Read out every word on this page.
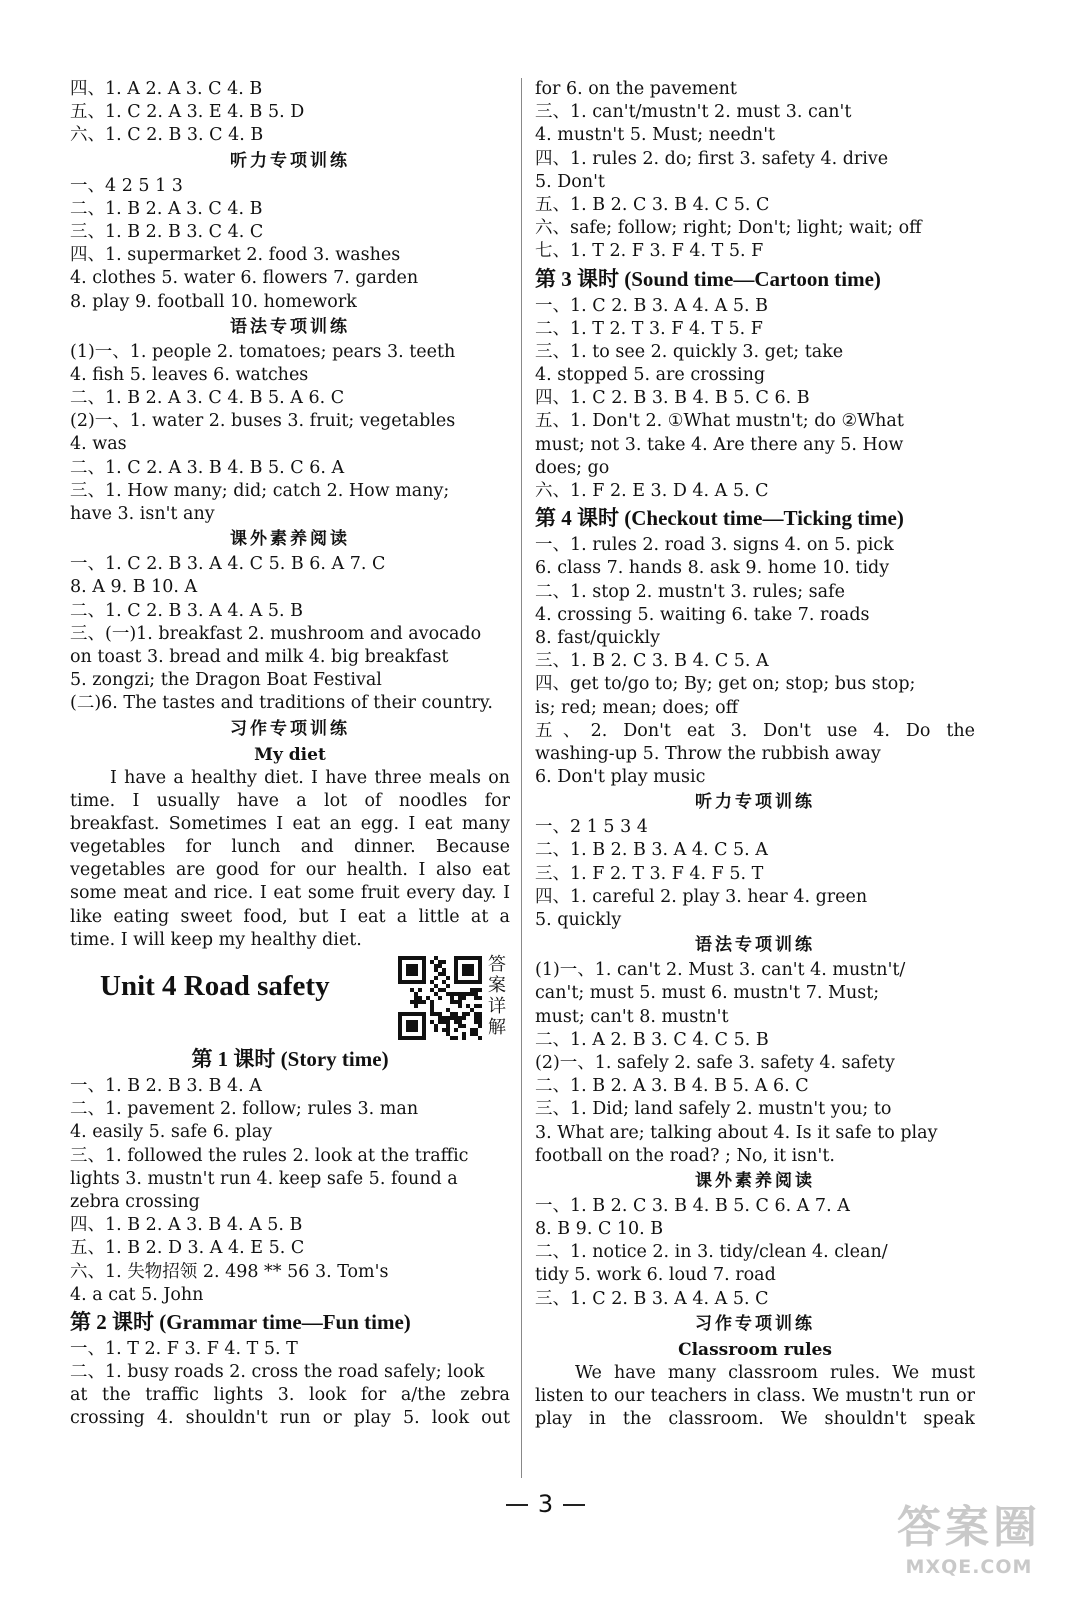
四、1. A 2. A 3. C 4. B
五、1. C 2. A 3. E 4. B 5. D
六、1. C 2. B 3. C 4. B
听力专项训练
一、4 2 5 1 3
二、1. B 2. A 3. C 4. B
三、1. B 2. B 3. C 4. C
四、1. supermarket 2. food 3. washes
4. clothes 5. water 6. flowers 7. garden
8. play 9. football 10. homework
语法专项训练
(1)一、1. people 2. tomatoes; pears 3. teeth
4. fish 5. leaves 6. watches
二、1. B 2. A 3. C 4. B 5. A 6. C
(2)一、1. water 2. buses 3. fruit; vegetables
4. was
二、1. C 2. A 3. B 4. B 5. C 6. A
三、1. How many; did; catch 2. How many;
have 3. isn't any
课外素养阅读
一、1. C 2. B 3. A 4. C 5. B 6. A 7. C
8. A 9. B 10. A
二、1. C 2. B 3. A 4. A 5. B
三、(一)1. breakfast 2. mushroom and avocado
on toast 3. bread and milk 4. big breakfast
5. zongzi; the Dragon Boat Festival
(二)6. The tastes and traditions of their country.
习作专项训练
My diet
I have a healthy diet. I have three meals on
time. I usually have a lot of noodles for
breakfast. Sometimes I eat an egg. I eat many
vegetables for lunch and dinner. Because
vegetables are good for our health. I also eat
some meat and rice. I eat some fruit every day. I
like eating sweet food, but I eat a little at a
time. I will keep my healthy diet.
Unit 4 Road safety
答案详解
第 1 课时 (Story time)
一、1. B 2. B 3. B 4. A
二、1. pavement 2. follow; rules 3. man
4. easily 5. safe 6. play
三、1. followed the rules 2. look at the traffic
lights 3. mustn't run 4. keep safe 5. found a
zebra crossing
四、1. B 2. A 3. B 4. A 5. B
五、1. B 2. D 3. A 4. E 5. C
六、1. 失物招领 2. 498 ** 56 3. Tom's
4. a cat 5. John
第 2 课时 (Grammar time—Fun time)
一、1. T 2. F 3. F 4. T 5. T
二、1. busy roads 2. cross the road safely; look
at the traffic lights 3. look for a/the zebra
crossing 4. shouldn't run or play 5. look out
for 6. on the pavement
三、1. can't/mustn't 2. must 3. can't
4. mustn't 5. Must; needn't
四、1. rules 2. do; first 3. safety 4. drive
5. Don't
五、1. B 2. C 3. B 4. C 5. C
六、safe; follow; right; Don't; light; wait; off
七、1. T 2. F 3. F 4. T 5. F
第 3 课时 (Sound time—Cartoon time)
一、1. C 2. B 3. A 4. A 5. B
二、1. T 2. T 3. F 4. T 5. F
三、1. to see 2. quickly 3. get; take
4. stopped 5. are crossing
四、1. C 2. B 3. B 4. B 5. C 6. B
五、1. Don't 2. ①What mustn't; do ②What
must; not 3. take 4. Are there any 5. How
does; go
六、1. F 2. E 3. D 4. A 5. C
第 4 课时 (Checkout time—Ticking time)
一、1. rules 2. road 3. signs 4. on 5. pick
6. class 7. hands 8. ask 9. home 10. tidy
二、1. stop 2. mustn't 3. rules; safe
4. crossing 5. waiting 6. take 7. roads
8. fast/quickly
三、1. B 2. C 3. B 4. C 5. A
四、get to/go to; By; get on; stop; bus stop;
is; red; mean; does; off
五、2. Don't eat 3. Don't use 4. Do the
washing-up 5. Throw the rubbish away
6. Don't play music
听力专项训练
一、2 1 5 3 4
二、1. B 2. B 3. A 4. C 5. A
三、1. F 2. T 3. F 4. F 5. T
四、1. careful 2. play 3. hear 4. green
5. quickly
语法专项训练
(1)一、1. can't 2. Must 3. can't 4. mustn't/
can't; must 5. must 6. mustn't 7. Must;
must; can't 8. mustn't
二、1. A 2. B 3. C 4. C 5. B
(2)一、1. safely 2. safe 3. safety 4. safety
二、1. B 2. A 3. B 4. B 5. A 6. C
三、1. Did; land safely 2. mustn't you; to
3. What are; talking about 4. Is it safe to play
football on the road? ; No, it isn't.
课外素养阅读
一、1. B 2. C 3. B 4. B 5. C 6. A 7. A
8. B 9. C 10. B
二、1. notice 2. in 3. tidy/clean 4. clean/
tidy 5. work 6. loud 7. road
三、1. C 2. B 3. A 4. A 5. C
习作专项训练
Classroom rules
We have many classroom rules. We must
listen to our teachers in class. We mustn't run or
play in the classroom. We shouldn't speak
3	答案圈
MXQE.COM
